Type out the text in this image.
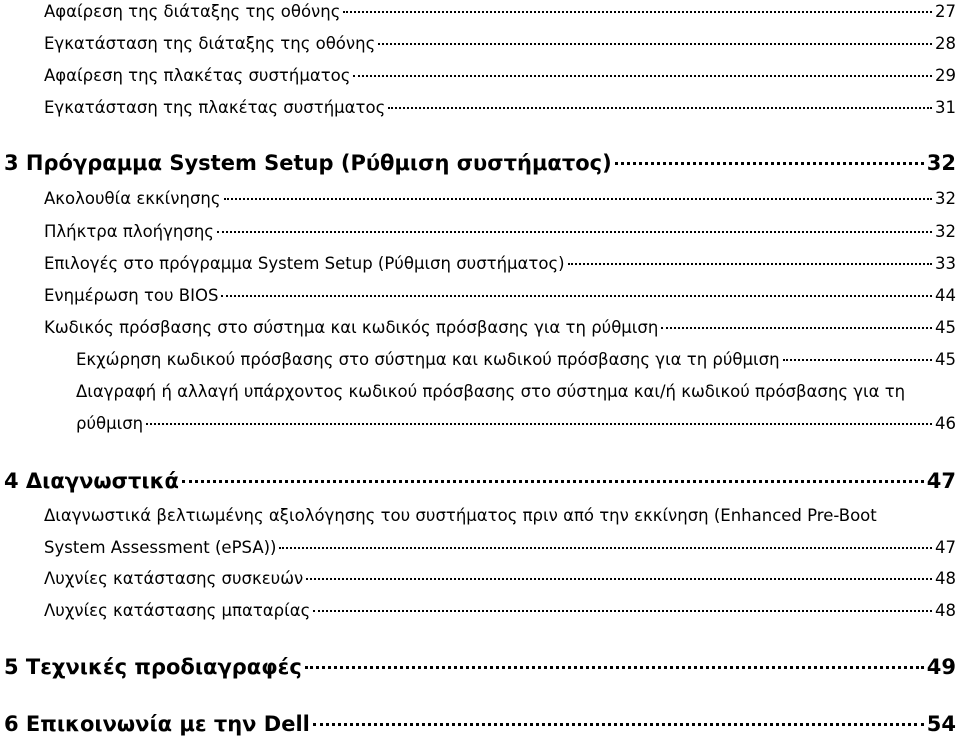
Αφαίρεση της διάταξης της οθόνης	27
Εγκατάσταση της διάταξης της οθόνης	28
Αφαίρεση της πλακέτας συστήματος	29
Εγκατάσταση της πλακέτας συστήματος	31
3 Πρόγραμμα System Setup (Ρύθμιση συστήματος)	32
Ακολουθία εκκίνησης	32
Πλήκτρα πλοήγησης	32
Επιλογές στο πρόγραμμα System Setup (Ρύθμιση συστήματος)	33
Ενημέρωση του BIOS	44
Κωδικός πρόσβασης στο σύστημα και κωδικός πρόσβασης για τη ρύθμιση	45
Εκχώρηση κωδικού πρόσβασης στο σύστημα και κωδικού πρόσβασης για τη ρύθμιση	45
Διαγραφή ή αλλαγή υπάρχοντος κωδικού πρόσβασης στο σύστημα και/ή κωδικού πρόσβασης για τη
ρύθμιση	46
4 Διαγνωστικά	47
Διαγνωστικά βελτιωμένης αξιολόγησης του συστήματος πριν από την εκκίνηση (Enhanced Pre-Boot
System Assessment (ePSA))	47
Λυχνίες κατάστασης συσκευών	48
Λυχνίες κατάστασης μπαταρίας	48
5 Τεχνικές προδιαγραφές	49
6 Επικοινωνία με την Dell	54
